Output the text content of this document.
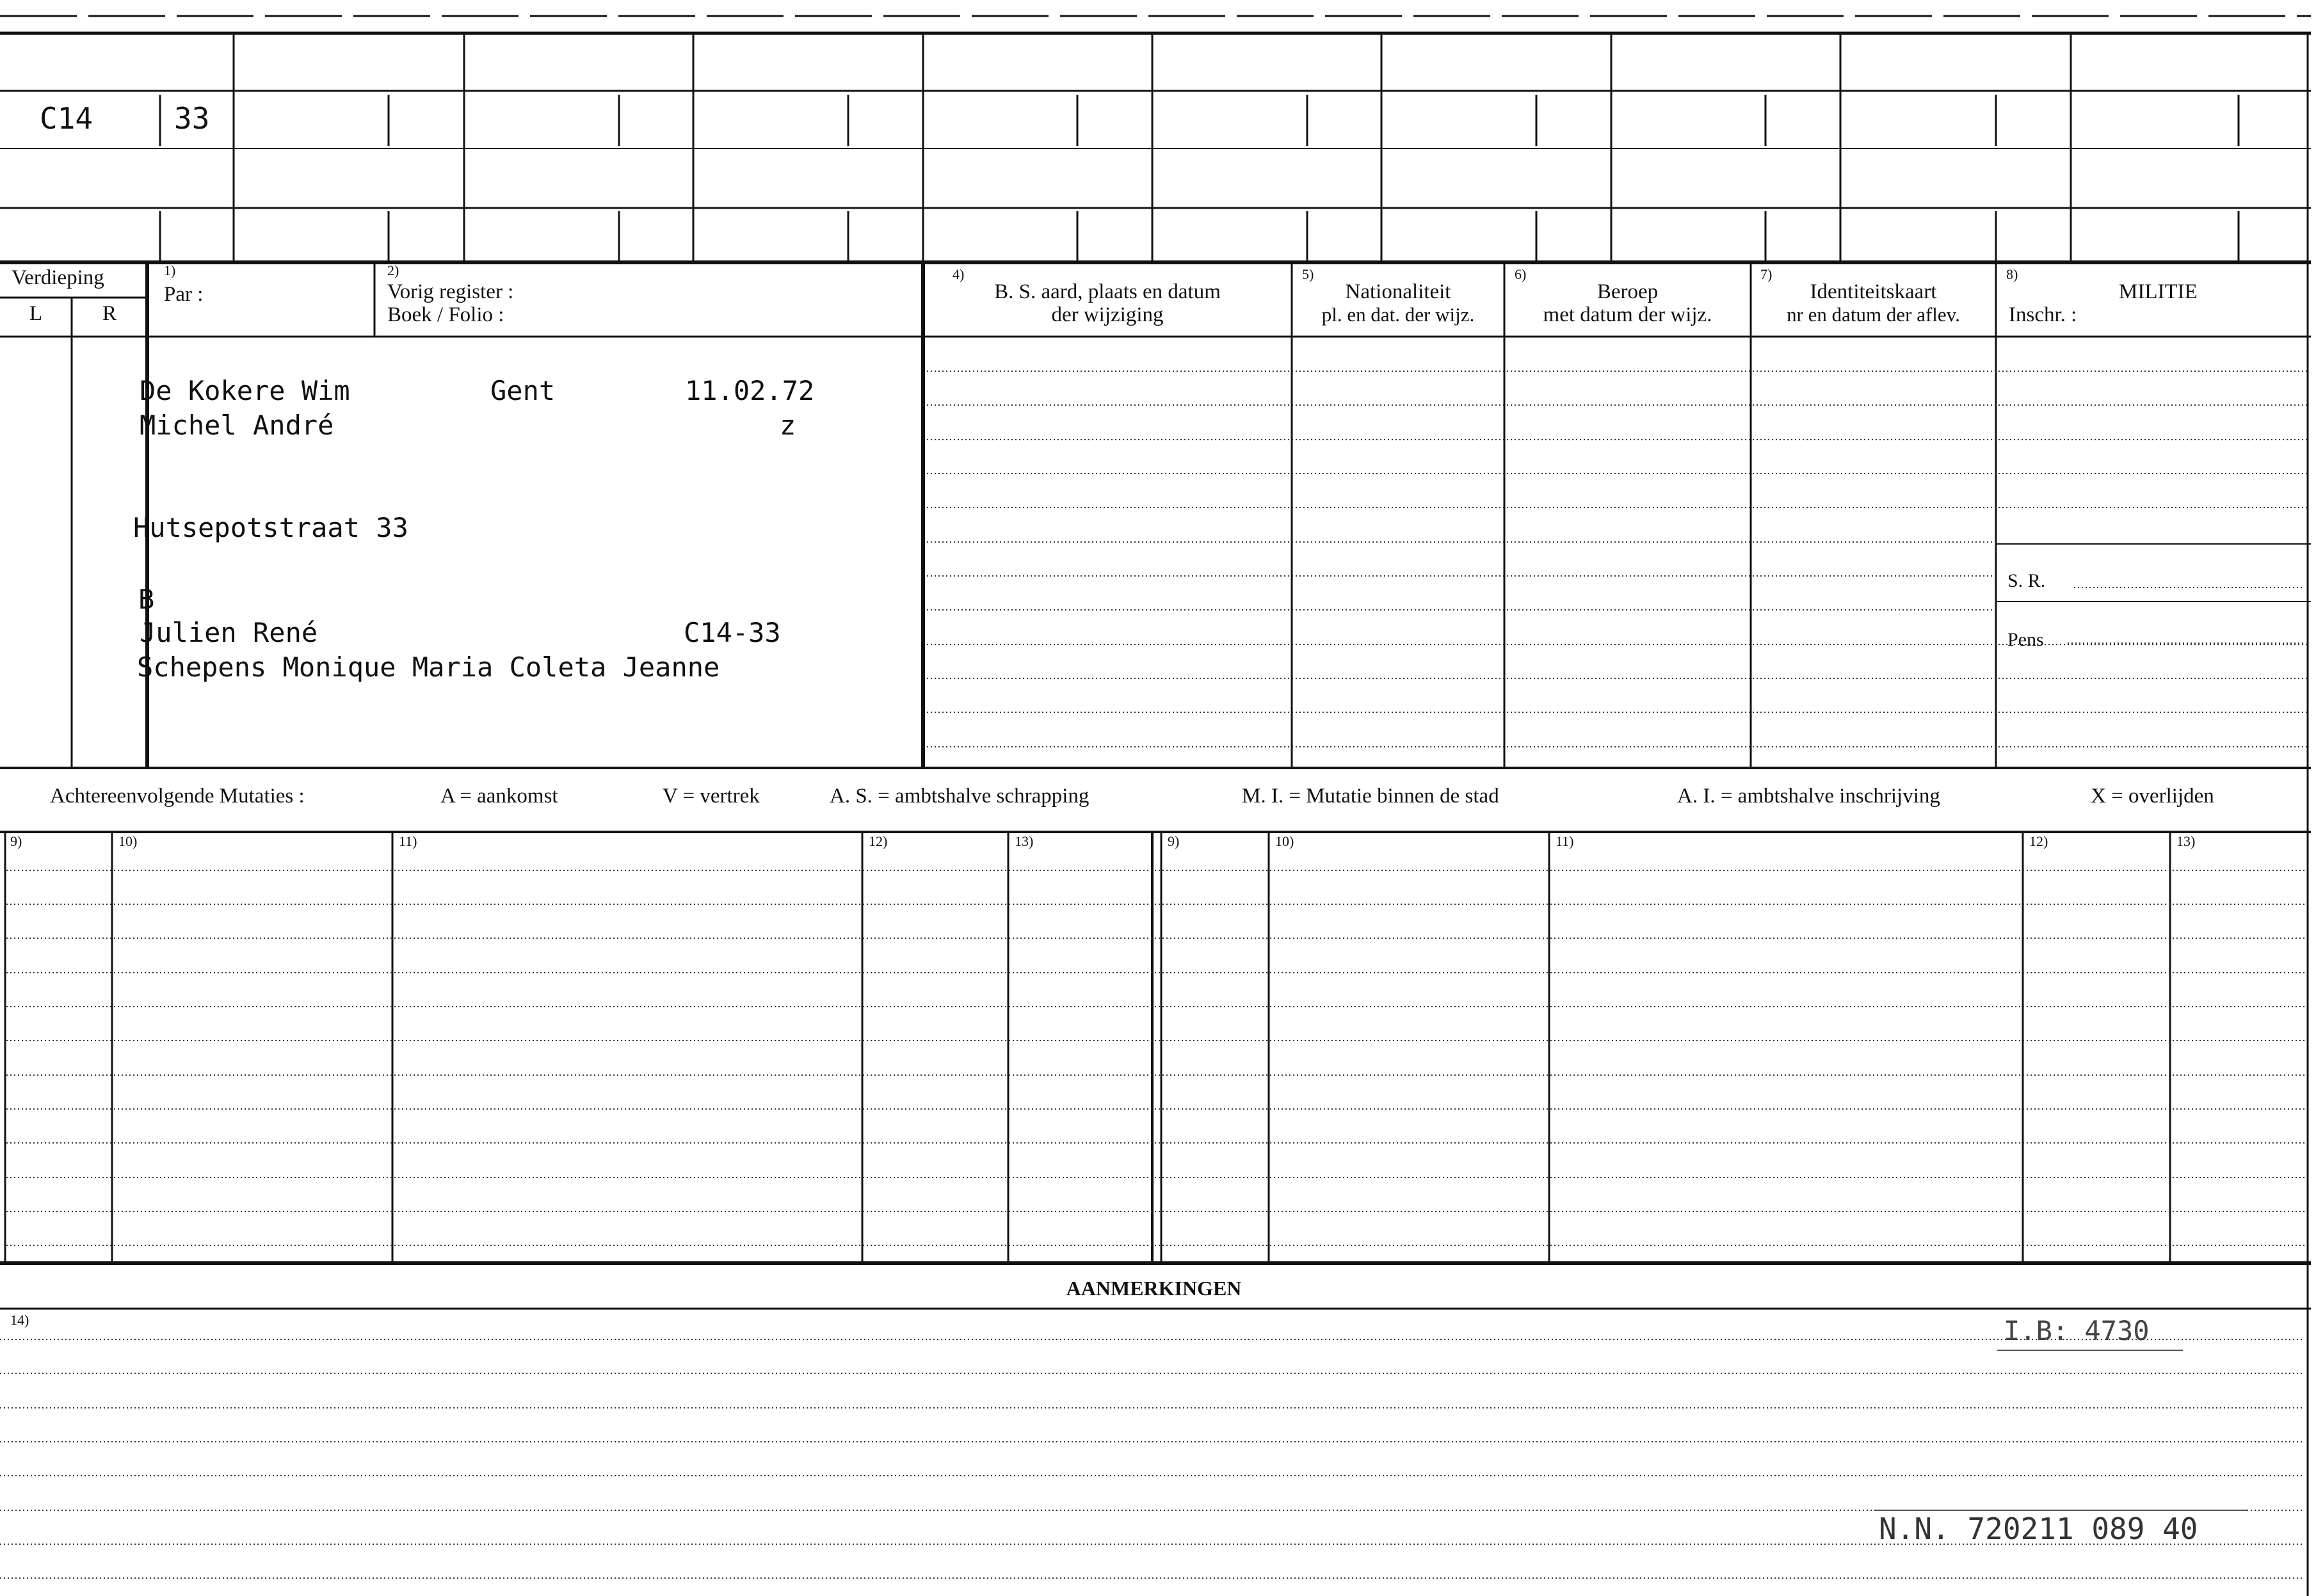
C14	33
Verdieping
L	R
1)
Par :
2)
Vorig register :
Boek / Folio :
4)
B. S. aard, plaats en datum
der wijziging
5)
Nationaliteit
pl. en dat. der wijz.
6)
Beroep
met datum der wijz.
7)
Identiteitskaart
nr en datum der aflev.
8)
MILITIE
Inschr. :
S. R.
Pens
De Kokere Wim	Gent	11.02.72
Michel André	z
Hutsepotstraat 33
B
Julien René	C14-33
Schepens Monique Maria Coleta Jeanne
Achtereenvolgende Mutaties :	A = aankomst	V = vertrek	A. S. = ambtshalve schrapping	M. I. = Mutatie binnen de stad	A. I. = ambtshalve inschrijving	X = overlijden
9)	10)	11)	12)	13)	9)	10)	11)	12)	13)
AANMERKINGEN
14)	I.B: 4730
N.N. 720211 089 40
